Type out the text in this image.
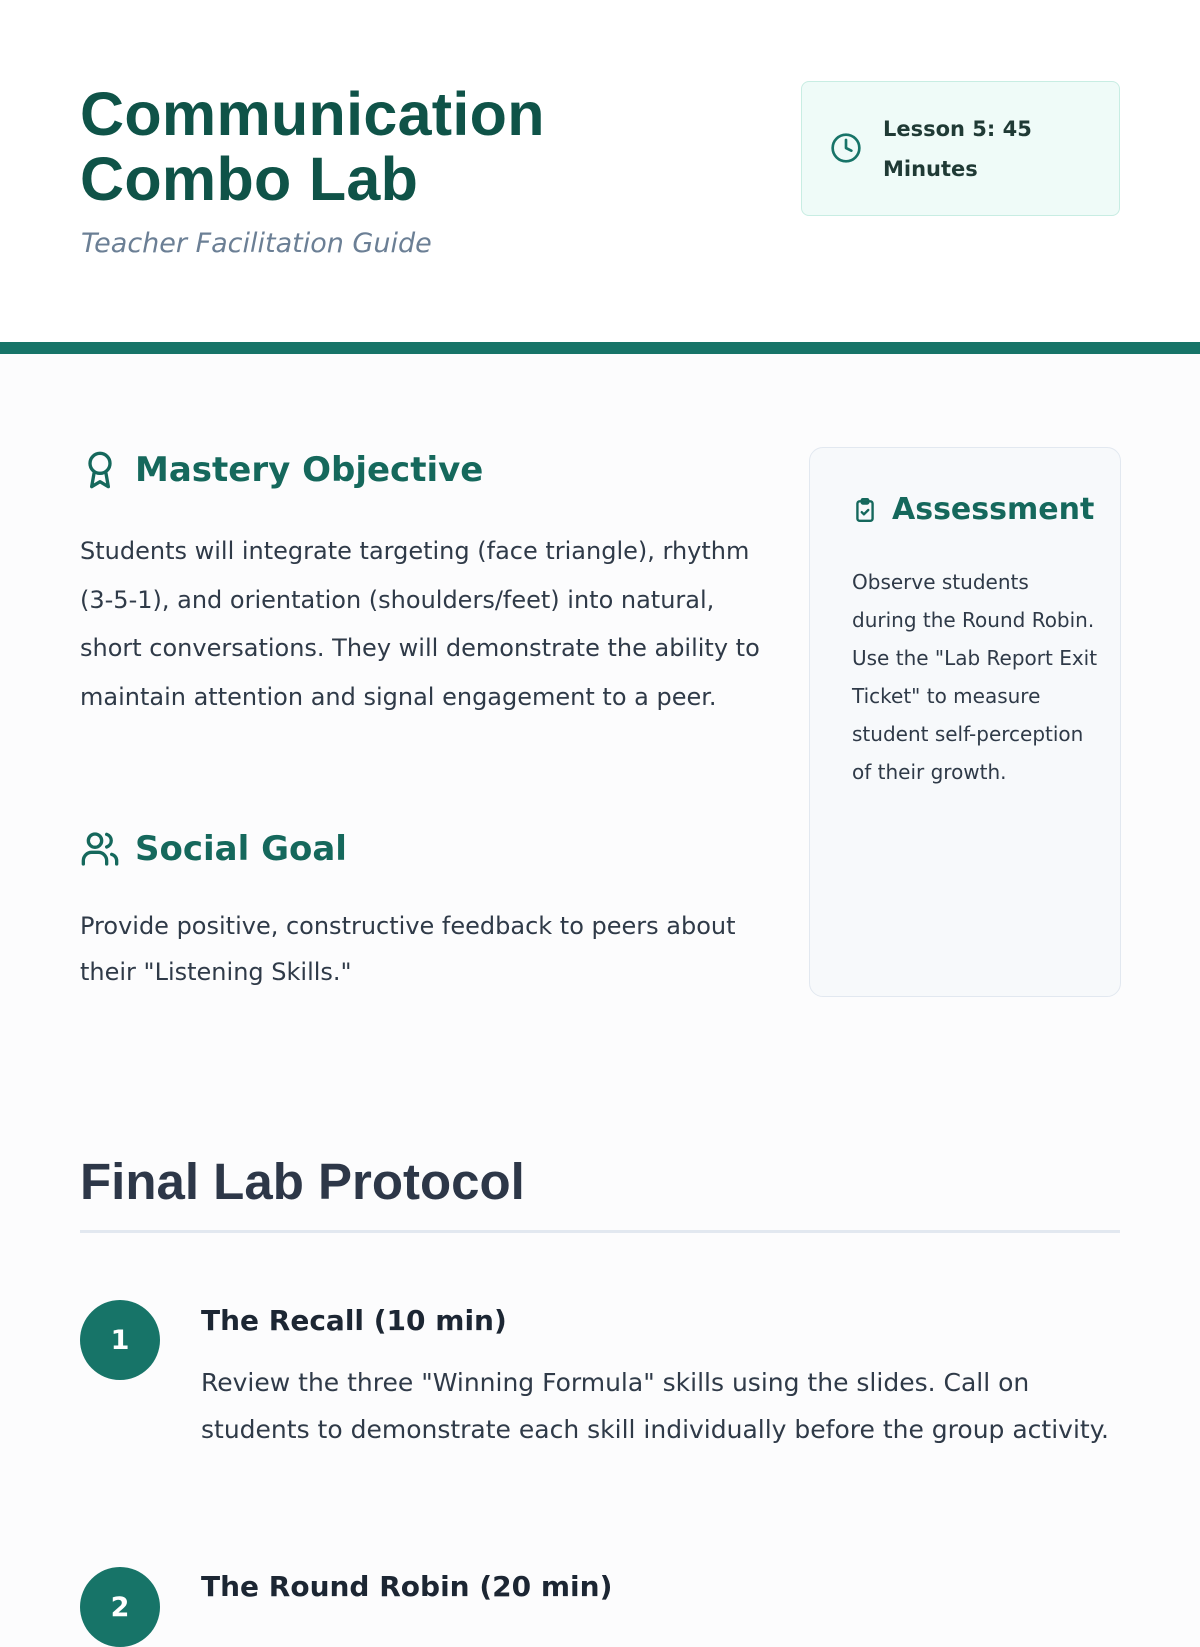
Communication
Combo Lab
Teacher Facilitation Guide
Lesson 5: 45 Minutes
Mastery Objective

Students will integrate targeting (face triangle), rhythm (3-5-1), and orientation (shoulders/feet) into natural, short conversations. They will demonstrate the ability to maintain attention and signal engagement to a peer.

Social Goal

Provide positive, constructive feedback to peers about their "Listening Skills."

Assessment

Observe students during the Round Robin. Use the "Lab Report Exit Ticket" to measure student self-perception of their growth.

Final Lab Protocol
1
The Recall (10 min)

Review the three "Winning Formula" skills using the slides. Call on students to demonstrate each skill individually before the group activity.

2
The Round Robin (20 min)
